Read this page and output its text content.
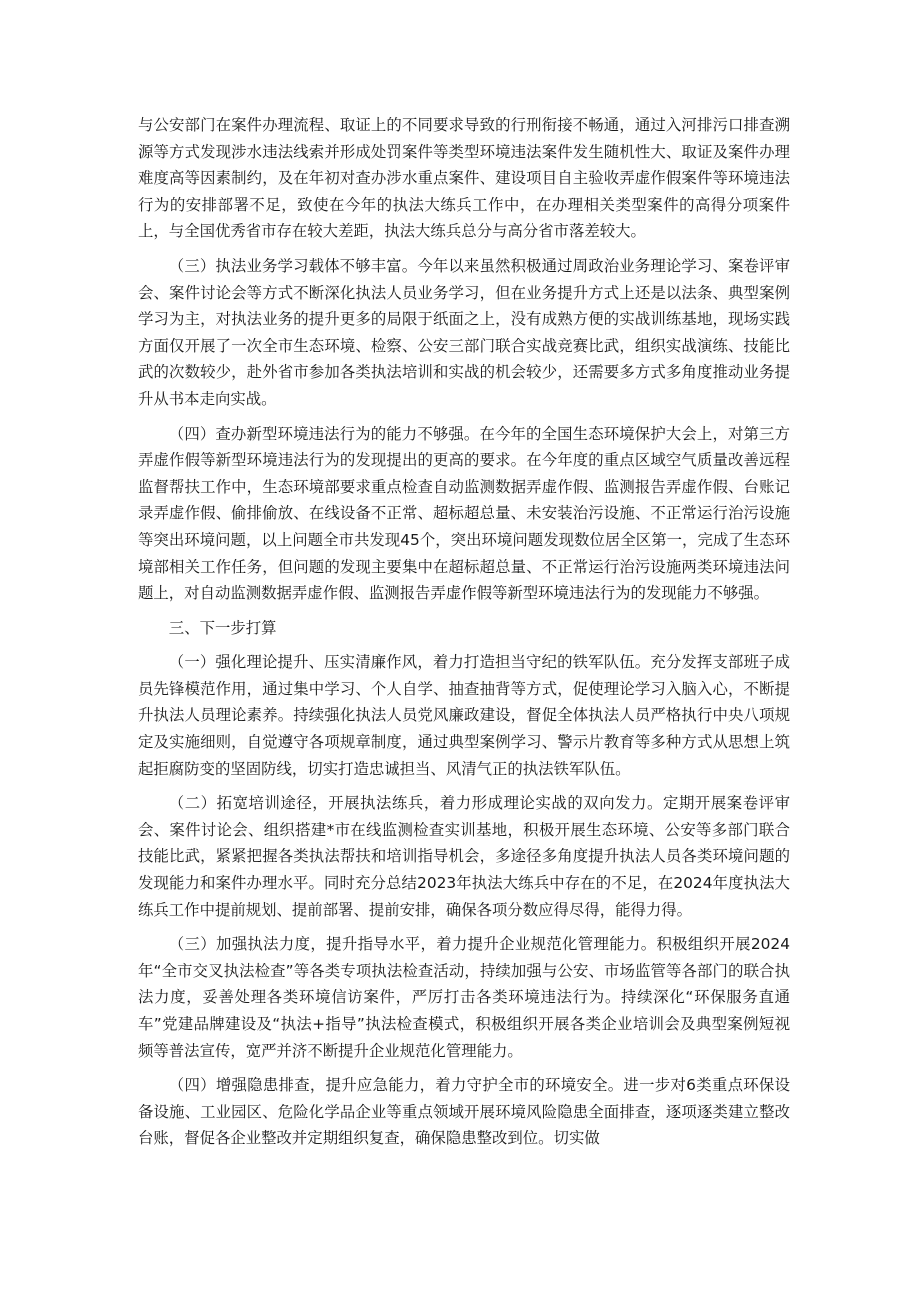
与公安部门在案件办理流程、取证上的不同要求导致的行刑衔接不畅通，通过入河排污口排查溯源等方式发现涉水违法线索并形成处罚案件等类型环境违法案件发生随机性大、取证及案件办理难度高等因素制约，及在年初对查办涉水重点案件、建设项目自主验收弄虚作假案件等环境违法行为的安排部署不足，致使在今年的执法大练兵工作中，在办理相关类型案件的高得分项案件上，与全国优秀省市存在较大差距，执法大练兵总分与高分省市落差较大。

（三）执法业务学习载体不够丰富。今年以来虽然积极通过周政治业务理论学习、案卷评审会、案件讨论会等方式不断深化执法人员业务学习，但在业务提升方式上还是以法条、典型案例学习为主，对执法业务的提升更多的局限于纸面之上，没有成熟方便的实战训练基地，现场实践方面仅开展了一次全市生态环境、检察、公安三部门联合实战竞赛比武，组织实战演练、技能比武的次数较少，赴外省市参加各类执法培训和实战的机会较少，还需要多方式多角度推动业务提升从书本走向实战。

（四）查办新型环境违法行为的能力不够强。在今年的全国生态环境保护大会上，对第三方弄虚作假等新型环境违法行为的发现提出的更高的要求。在今年度的重点区域空气质量改善远程监督帮扶工作中，生态环境部要求重点检查自动监测数据弄虚作假、监测报告弄虚作假、台账记录弄虚作假、偷排偷放、在线设备不正常、超标超总量、未安装治污设施、不正常运行治污设施等突出环境问题，以上问题全市共发现45个，突出环境问题发现数位居全区第一，完成了生态环境部相关工作任务，但问题的发现主要集中在超标超总量、不正常运行治污设施两类环境违法问题上，对自动监测数据弄虚作假、监测报告弄虚作假等新型环境违法行为的发现能力不够强。

三、下一步打算

（一）强化理论提升、压实清廉作风，着力打造担当守纪的铁军队伍。充分发挥支部班子成员先锋模范作用，通过集中学习、个人自学、抽查抽背等方式，促使理论学习入脑入心，不断提升执法人员理论素养。持续强化执法人员党风廉政建设，督促全体执法人员严格执行中央八项规定及实施细则，自觉遵守各项规章制度，通过典型案例学习、警示片教育等多种方式从思想上筑起拒腐防变的坚固防线，切实打造忠诚担当、风清气正的执法铁军队伍。

（二）拓宽培训途径，开展执法练兵，着力形成理论实战的双向发力。定期开展案卷评审会、案件讨论会、组织搭建*市在线监测检查实训基地，积极开展生态环境、公安等多部门联合技能比武，紧紧把握各类执法帮扶和培训指导机会，多途径多角度提升执法人员各类环境问题的发现能力和案件办理水平。同时充分总结2023年执法大练兵中存在的不足，在2024年度执法大练兵工作中提前规划、提前部署、提前安排，确保各项分数应得尽得，能得力得。

（三）加强执法力度，提升指导水平，着力提升企业规范化管理能力。积极组织开展2024年“全市交叉执法检查”等各类专项执法检查活动，持续加强与公安、市场监管等各部门的联合执法力度，妥善处理各类环境信访案件，严厉打击各类环境违法行为。持续深化“环保服务直通车”党建品牌建设及“执法+指导”执法检查模式，积极组织开展各类企业培训会及典型案例短视频等普法宣传，宽严并济不断提升企业规范化管理能力。

（四）增强隐患排查，提升应急能力，着力守护全市的环境安全。进一步对6类重点环保设备设施、工业园区、危险化学品企业等重点领域开展环境风险隐患全面排查，逐项逐类建立整改台账，督促各企业整改并定期组织复查，确保隐患整改到位。切实做
